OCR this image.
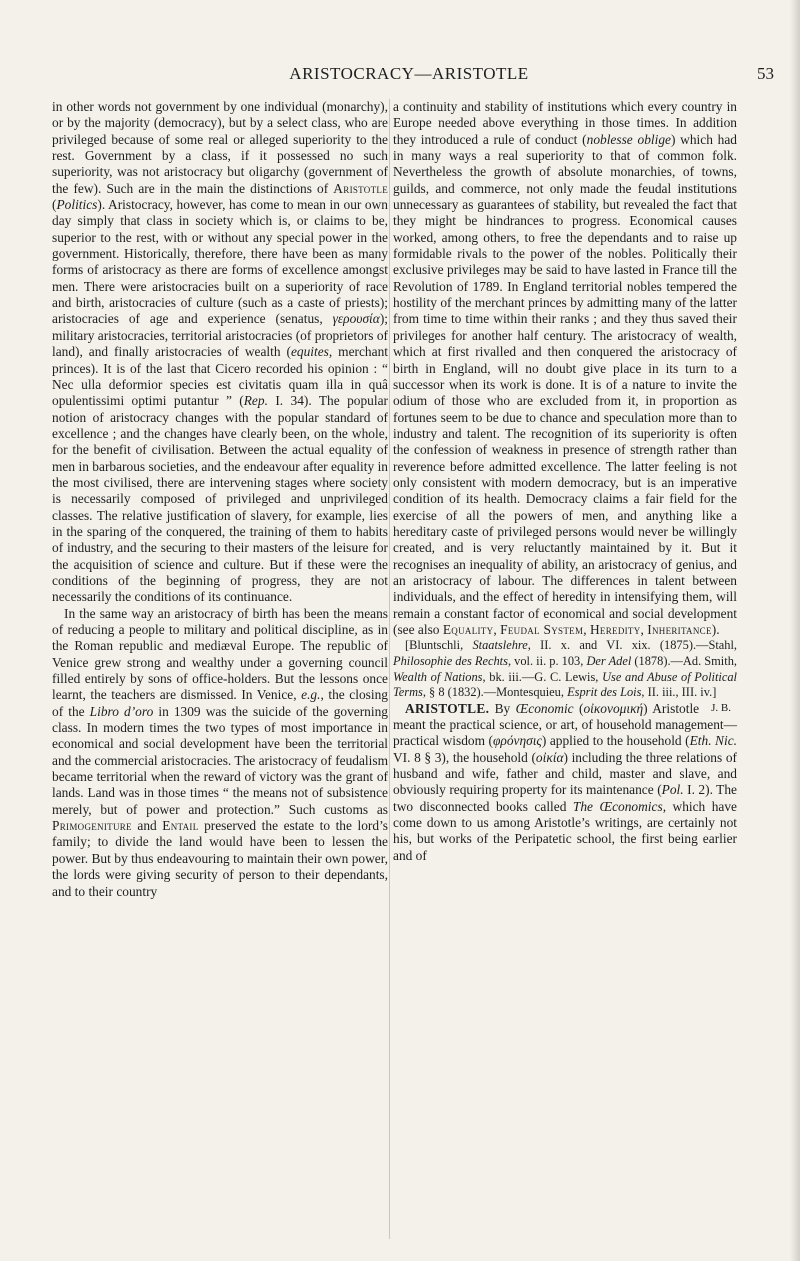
ARISTOCRACY—ARISTOTLE	53

in other words not government by one individual (monarchy), or by the majority (democracy), but by a select class, who are privileged because of some real or alleged superiority to the rest. Government by a class, if it possessed no such superiority, was not aristocracy but oligarchy (government of the few). Such are in the main the distinctions of Aristotle (Politics). Aristocracy, however, has come to mean in our own day simply that class in society which is, or claims to be, superior to the rest, with or without any special power in the government. Historically, therefore, there have been as many forms of aristocracy as there are forms of excellence amongst men. There were aristocracies built on a superiority of race and birth, aristocracies of culture (such as a caste of priests); aristocracies of age and experience (senatus, γερουσία); military aristocracies, territorial aristocracies (of proprietors of land), and finally aristocracies of wealth (equites, merchant princes). It is of the last that Cicero recorded his opinion : “ Nec ulla deformior species est civitatis quam illa in quâ opulentissimi optimi putantur ” (Rep. I. 34). The popular notion of aristocracy changes with the popular standard of excellence ; and the changes have clearly been, on the whole, for the benefit of civilisation. Between the actual equality of men in barbarous societies, and the endeavour after equality in the most civilised, there are intervening stages where society is necessarily composed of privileged and unprivileged classes. The relative justification of slavery, for example, lies in the sparing of the conquered, the training of them to habits of industry, and the securing to their masters of the leisure for the acquisition of science and culture. But if these were the conditions of the beginning of progress, they are not necessarily the conditions of its continuance.

In the same way an aristocracy of birth has been the means of reducing a people to military and political discipline, as in the Roman republic and mediæval Europe. The republic of Venice grew strong and wealthy under a governing council filled entirely by sons of office-holders. But the lessons once learnt, the teachers are dismissed. In Venice, e.g., the closing of the Libro d’oro in 1309 was the suicide of the governing class. In modern times the two types of most importance in economical and social development have been the territorial and the commercial aristocracies. The aristocracy of feudalism became territorial when the reward of victory was the grant of lands. Land was in those times “ the means not of subsistence merely, but of power and protection.” Such customs as Primogeniture and Entail preserved the estate to the lord’s family; to divide the land would have been to lessen the power. But by thus endeavouring to maintain their own power, the lords were giving security of person to their dependants, and to their country

a continuity and stability of institutions which every country in Europe needed above everything in those times. In addition they introduced a rule of conduct (noblesse oblige) which had in many ways a real superiority to that of common folk. Nevertheless the growth of absolute monarchies, of towns, guilds, and commerce, not only made the feudal institutions unnecessary as guarantees of stability, but revealed the fact that they might be hindrances to progress. Economical causes worked, among others, to free the dependants and to raise up formidable rivals to the power of the nobles. Politically their exclusive privileges may be said to have lasted in France till the Revolution of 1789. In England territorial nobles tempered the hostility of the merchant princes by admitting many of the latter from time to time within their ranks ; and they thus saved their privileges for another half century. The aristocracy of wealth, which at first rivalled and then conquered the aristocracy of birth in England, will no doubt give place in its turn to a successor when its work is done. It is of a nature to invite the odium of those who are excluded from it, in proportion as fortunes seem to be due to chance and speculation more than to industry and talent. The recognition of its superiority is often the confession of weakness in presence of strength rather than reverence before admitted excellence. The latter feeling is not only consistent with modern democracy, but is an imperative condition of its health. Democracy claims a fair field for the exercise of all the powers of men, and anything like a hereditary caste of privileged persons would never be willingly created, and is very reluctantly maintained by it. But it recognises an inequality of ability, an aristocracy of genius, and an aristocracy of labour. The differences in talent between individuals, and the effect of heredity in intensifying them, will remain a constant factor of economical and social development (see also Equality, Feudal System, Heredity, Inheritance).

[Bluntschli, Staatslehre, II. x. and VI. xix. (1875).—Stahl, Philosophie des Rechts, vol. ii. p. 103, Der Adel (1878).—Ad. Smith, Wealth of Nations, bk. iii.—G. C. Lewis, Use and Abuse of Political Terms, § 8 (1832).—Montesquieu, Esprit des Lois, II. iii., III. iv.]
J. B.

ARISTOTLE. By Œconomic (οἰκονομική) Aristotle meant the practical science, or art, of household management—practical wisdom (φρόνησις) applied to the household (Eth. Nic. VI. 8 § 3), the household (οἰκία) including the three relations of husband and wife, father and child, master and slave, and obviously requiring property for its maintenance (Pol. I. 2). The two disconnected books called The Œconomics, which have come down to us among Aristotle’s writings, are certainly not his, but works of the Peripatetic school, the first being earlier and of
